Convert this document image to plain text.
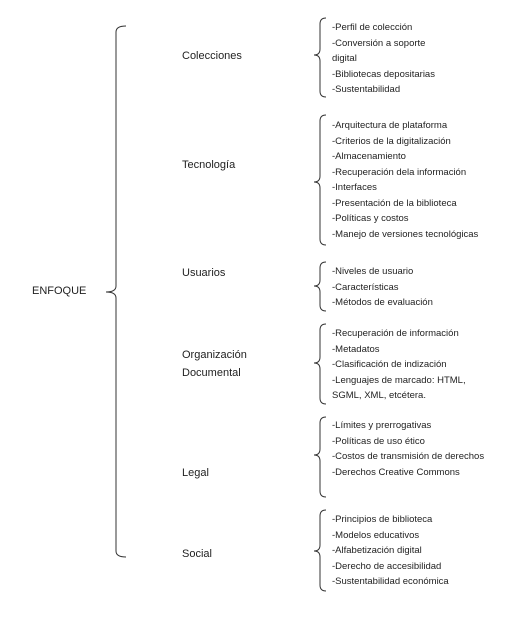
ENFOQUE
Colecciones
-Perfil de colección
-Conversión a soporte
digital
-Bibliotecas depositarias
-Sustentabilidad
Tecnología
-Arquitectura de plataforma
-Criterios de la digitalización
-Almacenamiento
-Recuperación dela información
-Interfaces
-Presentación de la biblioteca
-Políticas y costos
-Manejo de versiones tecnológicas
Usuarios	-Niveles de usuario
-Características
-Métodos de evaluación
Organización
Documental
-Recuperación de información
-Metadatos
-Clasificación de indización
-Lenguajes de marcado: HTML,
SGML, XML, etcétera.
Legal
-Límites y prerrogativas
-Políticas de uso ético
-Costos de transmisión de derechos
-Derechos Creative Commons
Social
-Principios de biblioteca
-Modelos educativos
-Alfabetización digital
-Derecho de accesibilidad
-Sustentabilidad económica
